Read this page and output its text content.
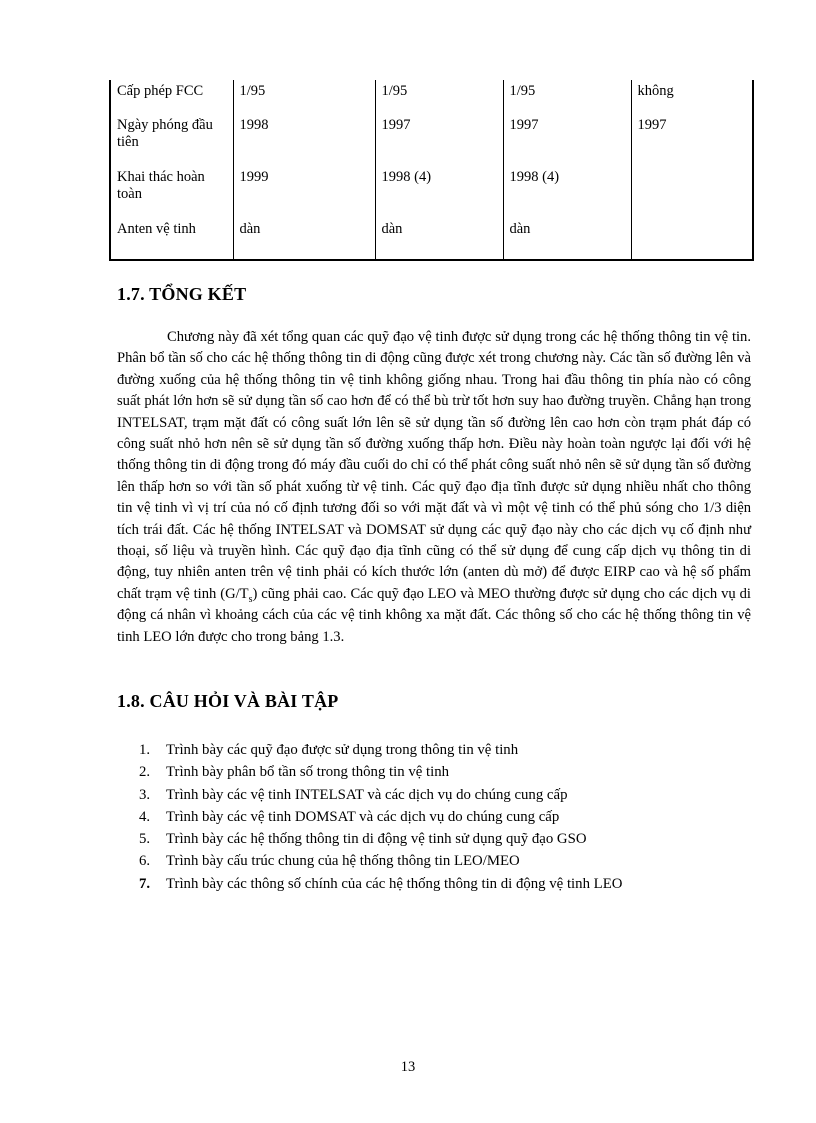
Cấp phép FCC	1/95	1/95	1/95	không
Ngày phóng đầu tiên	1998	1997	1997	1997
Khai thác hoàn toàn	1999	1998 (4)	1998 (4)	
Anten vệ tinh	dàn	dàn	dàn	
1.7. TỔNG KẾT

Chương này đã xét tổng quan các quỹ đạo vệ tinh được sử dụng trong các hệ thống thông tin vệ tin. Phân bổ tần số cho các hệ thống thông tin di động cũng được xét trong chương này. Các tần số đường lên và đường xuống của hệ thống thông tin vệ tinh không giống nhau. Trong hai đầu thông tin phía nào có công suất phát lớn hơn sẽ sử dụng tần số cao hơn để có thể bù trừ tốt hơn suy hao đường truyền. Chẳng hạn trong INTELSAT, trạm mặt đất có công suất lớn lên sẽ sử dụng tần số đường lên cao hơn còn trạm phát đáp có công suất nhỏ hơn nên sẽ sử dụng tần số đường xuống thấp hơn. Điều này hoàn toàn ngược lại đối với hệ thống thông tin di động trong đó máy đầu cuối do chỉ có thể phát công suất nhỏ nên sẽ sử dụng tần số đường lên thấp hơn so với tần số phát xuống từ vệ tinh. Các quỹ đạo địa tĩnh được sử dụng nhiều nhất cho thông tin vệ tinh vì vị trí của nó cố định tương đối so với mặt đất và vì một vệ tinh có thể phủ sóng cho 1/3 diện tích trái đất. Các hệ thống INTELSAT và DOMSAT sử dụng các quỹ đạo này cho các dịch vụ cố định như thoại, số liệu và truyền hình. Các quỹ đạo địa tĩnh cũng có thể sử dụng để cung cấp dịch vụ thông tin di động, tuy nhiên anten trên vệ tinh phải có kích thước lớn (anten dù mở) để được EIRP cao và hệ số phẩm chất trạm vệ tinh $(G/T_s)$ cũng phải cao. Các quỹ đạo LEO và MEO thường được sử dụng cho các dịch vụ di động cá nhân vì khoảng cách của các vệ tinh không xa mặt đất. Các thông số cho các hệ thống thông tin vệ tinh LEO lớn được cho trong bảng 1.3.

1.8. CÂU HỎI VÀ BÀI TẬP
1.	Trình bày các quỹ đạo được sử dụng trong thông tin vệ tinh
2.	Trình bày phân bổ tần số trong thông tin vệ tinh
3.	Trình bày các vệ tinh INTELSAT và các dịch vụ do chúng cung cấp
4.	Trình bày các vệ tinh DOMSAT và các dịch vụ do chúng cung cấp
5.	Trình bày các hệ thống thông tin di động vệ tinh sử dụng quỹ đạo GSO
6.	Trình bày cấu trúc chung của hệ thống thông tin LEO/MEO
7.	Trình bày các thông số chính của các hệ thống thông tin di động vệ tinh LEO
13
